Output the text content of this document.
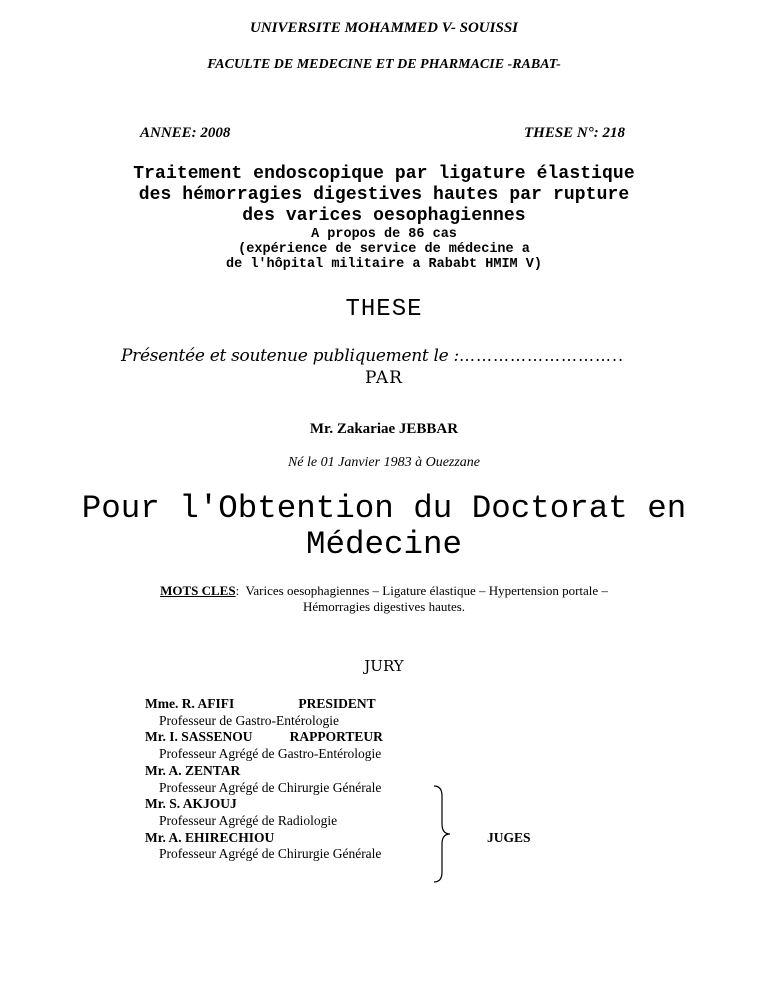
UNIVERSITE MOHAMMED V- SOUISSI
FACULTE DE MEDECINE ET DE PHARMACIE -RABAT-
ANNEE: 2008	THESE N°: 218
Traitement endoscopique par ligature élastique
des hémorragies digestives hautes par rupture
des varices oesophagiennes
A propos de 86 cas
(expérience de service de médecine a
de l'hôpital militaire a Rababt HMIM V)
THESE
Présentée et soutenue publiquement le :………………………..
PAR
Mr. Zakariae JEBBAR
Né le 01 Janvier 1983 à Ouezzane
Pour l'Obtention du Doctorat en
Médecine
MOTS CLES:  Varices oesophagiennes – Ligature élastique – Hypertension portale –
Hémorragies digestives hautes.
JURY
Mme. R. AFIFI	PRESIDENT
Professeur de Gastro-Entérologie
Mr. I. SASSENOU	RAPPORTEUR
Professeur Agrégé de Gastro-Entérologie
Mr. A. ZENTAR
Professeur Agrégé de Chirurgie Générale
Mr. S. AKJOUJ
Professeur Agrégé de Radiologie
Mr. A. EHIRECHIOU
Professeur Agrégé de Chirurgie Générale
JUGES
